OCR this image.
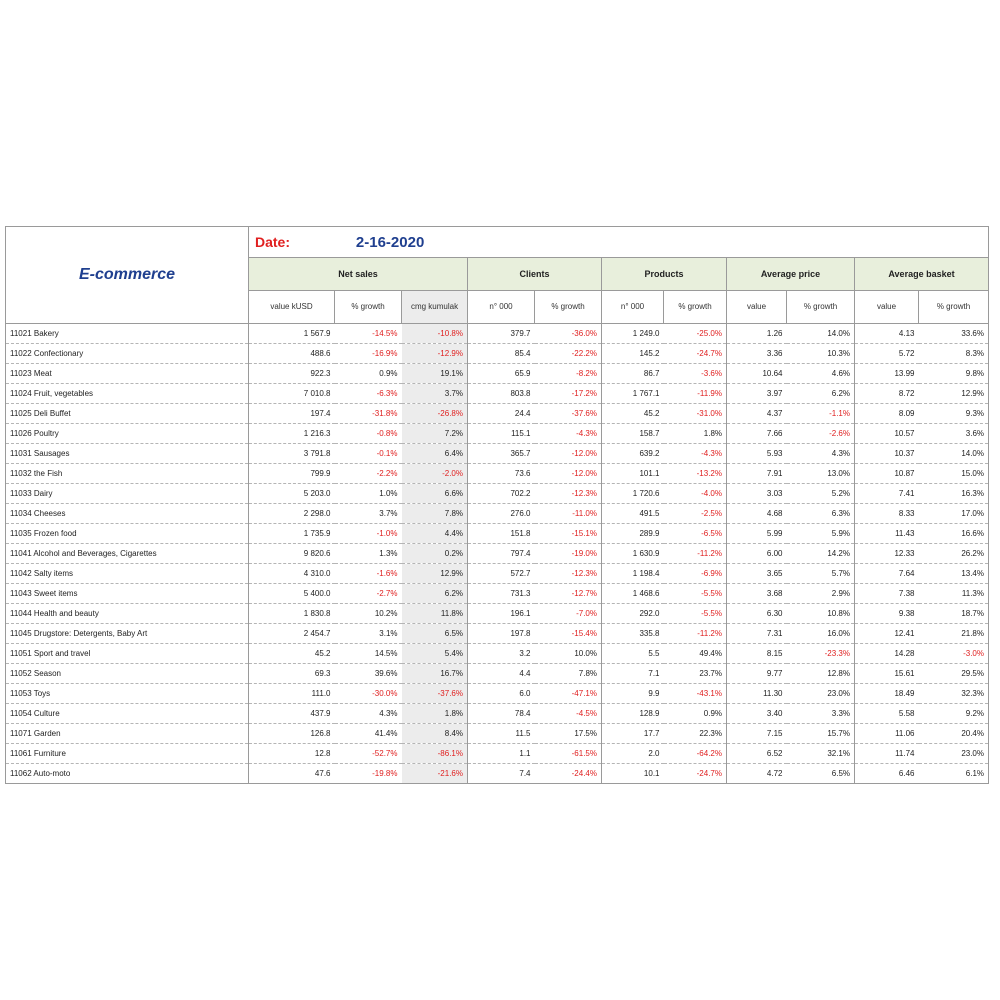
E-commerce	Date: 2-16-2020										
	Net sales			Clients		Products		Average price		Average basket	
	value kUSD	% growth	cmg kumulak	n° 000	% growth	n° 000	% growth	value	% growth	value	% growth
11021 Bakery	1 567.9	-14.5%	-10.8%	379.7	-36.0%	1 249.0	-25.0%	1.26	14.0%	4.13	33.6%
11022 Confectionary	488.6	-16.9%	-12.9%	85.4	-22.2%	145.2	-24.7%	3.36	10.3%	5.72	8.3%
11023 Meat	922.3	0.9%	19.1%	65.9	-8.2%	86.7	-3.6%	10.64	4.6%	13.99	9.8%
11024 Fruit, vegetables	7 010.8	-6.3%	3.7%	803.8	-17.2%	1 767.1	-11.9%	3.97	6.2%	8.72	12.9%
11025 Deli Buffet	197.4	-31.8%	-26.8%	24.4	-37.6%	45.2	-31.0%	4.37	-1.1%	8.09	9.3%
11026 Poultry	1 216.3	-0.8%	7.2%	115.1	-4.3%	158.7	1.8%	7.66	-2.6%	10.57	3.6%
11031 Sausages	3 791.8	-0.1%	6.4%	365.7	-12.0%	639.2	-4.3%	5.93	4.3%	10.37	14.0%
11032 the Fish	799.9	-2.2%	-2.0%	73.6	-12.0%	101.1	-13.2%	7.91	13.0%	10.87	15.0%
11033 Dairy	5 203.0	1.0%	6.6%	702.2	-12.3%	1 720.6	-4.0%	3.03	5.2%	7.41	16.3%
11034 Cheeses	2 298.0	3.7%	7.8%	276.0	-11.0%	491.5	-2.5%	4.68	6.3%	8.33	17.0%
11035 Frozen food	1 735.9	-1.0%	4.4%	151.8	-15.1%	289.9	-6.5%	5.99	5.9%	11.43	16.6%
11041 Alcohol and Beverages, Cigarettes	9 820.6	1.3%	0.2%	797.4	-19.0%	1 630.9	-11.2%	6.00	14.2%	12.33	26.2%
11042 Salty items	4 310.0	-1.6%	12.9%	572.7	-12.3%	1 198.4	-6.9%	3.65	5.7%	7.64	13.4%
11043 Sweet items	5 400.0	-2.7%	6.2%	731.3	-12.7%	1 468.6	-5.5%	3.68	2.9%	7.38	11.3%
11044 Health and beauty	1 830.8	10.2%	11.8%	196.1	-7.0%	292.0	-5.5%	6.30	10.8%	9.38	18.7%
11045 Drugstore: Detergents, Baby Art	2 454.7	3.1%	6.5%	197.8	-15.4%	335.8	-11.2%	7.31	16.0%	12.41	21.8%
11051 Sport and travel	45.2	14.5%	5.4%	3.2	10.0%	5.5	49.4%	8.15	-23.3%	14.28	-3.0%
11052 Season	69.3	39.6%	16.7%	4.4	7.8%	7.1	23.7%	9.77	12.8%	15.61	29.5%
11053 Toys	111.0	-30.0%	-37.6%	6.0	-47.1%	9.9	-43.1%	11.30	23.0%	18.49	32.3%
11054 Culture	437.9	4.3%	1.8%	78.4	-4.5%	128.9	0.9%	3.40	3.3%	5.58	9.2%
11071 Garden	126.8	41.4%	8.4%	11.5	17.5%	17.7	22.3%	7.15	15.7%	11.06	20.4%
11061 Furniture	12.8	-52.7%	-86.1%	1.1	-61.5%	2.0	-64.2%	6.52	32.1%	11.74	23.0%
11062 Auto-moto	47.6	-19.8%	-21.6%	7.4	-24.4%	10.1	-24.7%	4.72	6.5%	6.46	6.1%
